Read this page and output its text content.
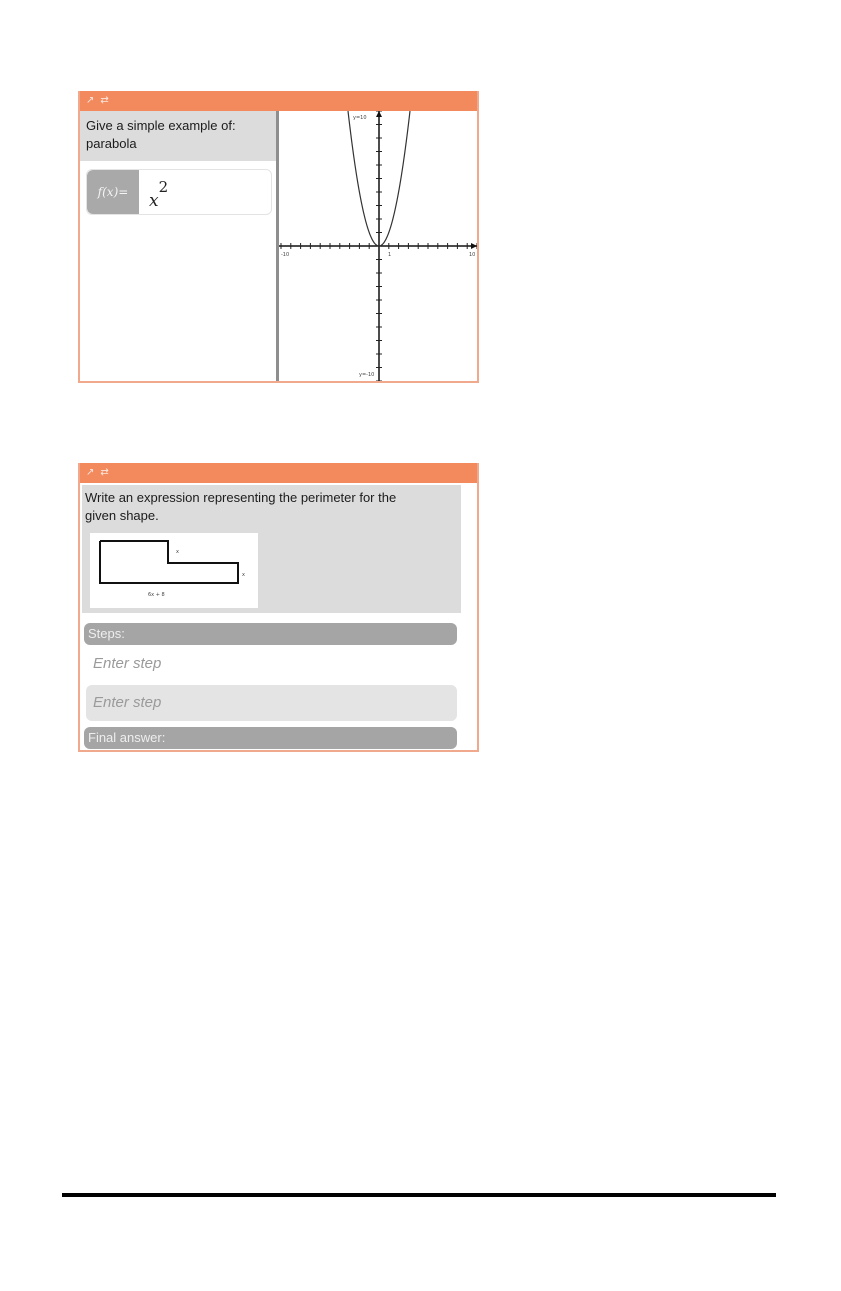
↗ ⇄
Give a simple example of:
parabola
f(x)=	x2
-10	10
1
y=10
y=-10
↗ ⇄
Write an expression representing the perimeter for the
given shape.
x
x
6x + 8
Steps:
Enter step
Enter step
Final answer:
